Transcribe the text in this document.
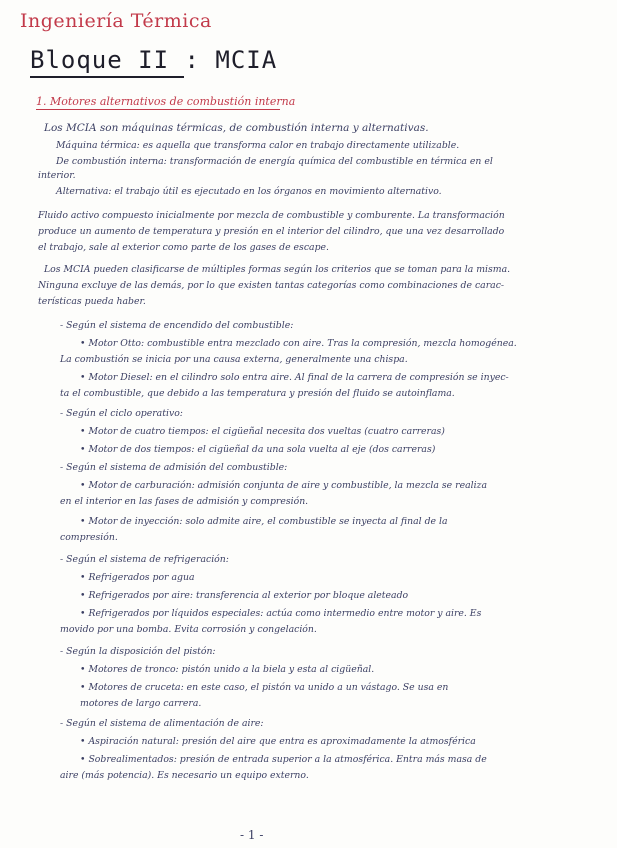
Ingeniería Térmica
Bloque II : MCIA
1. Motores alternativos de combustión interna
Los MCIA son máquinas térmicas, de combustión interna y alternativas.
Máquina térmica: es aquella que transforma calor en trabajo directamente utilizable.
De combustión interna: transformación de energía química del combustible en térmica en el
interior.
Alternativa: el trabajo útil es ejecutado en los órganos en movimiento alternativo.
Fluido activo compuesto inicialmente por mezcla de combustible y comburente. La transformación
produce un aumento de temperatura y presión en el interior del cilindro, que una vez desarrollado
el trabajo, sale al exterior como parte de los gases de escape.
Los MCIA pueden clasificarse de múltiples formas según los criterios que se toman para la misma.
Ninguna excluye de las demás, por lo que existen tantas categorías como combinaciones de carac-
terísticas pueda haber.
- Según el sistema de encendido del combustible:
• Motor Otto: combustible entra mezclado con aire. Tras la compresión, mezcla homogénea.
La combustión se inicia por una causa externa, generalmente una chispa.
• Motor Diesel: en el cilindro solo entra aire. Al final de la carrera de compresión se inyec-
ta el combustible, que debido a las temperatura y presión del fluido se autoinflama.
- Según el ciclo operativo:
• Motor de cuatro tiempos: el cigüeñal necesita dos vueltas (cuatro carreras)
• Motor de dos tiempos: el cigüeñal da una sola vuelta al eje (dos carreras)
- Según el sistema de admisión del combustible:
• Motor de carburación: admisión conjunta de aire y combustible, la mezcla se realiza
en el interior en las fases de admisión y compresión.
• Motor de inyección: solo admite aire, el combustible se inyecta al final de la
compresión.
- Según el sistema de refrigeración:
• Refrigerados por agua
• Refrigerados por aire: transferencia al exterior por bloque aleteado
• Refrigerados por líquidos especiales: actúa como intermedio entre motor y aire. Es
movido por una bomba. Evita corrosión y congelación.
- Según la disposición del pistón:
• Motores de tronco: pistón unido a la biela y esta al cigüeñal.
• Motores de cruceta: en este caso, el pistón va unido a un vástago. Se usa en
motores de largo carrera.
- Según el sistema de alimentación de aire:
• Aspiración natural: presión del aire que entra es aproximadamente la atmosférica
• Sobrealimentados: presión de entrada superior a la atmosférica. Entra más masa de
aire (más potencia). Es necesario un equipo externo.
- 1 -
